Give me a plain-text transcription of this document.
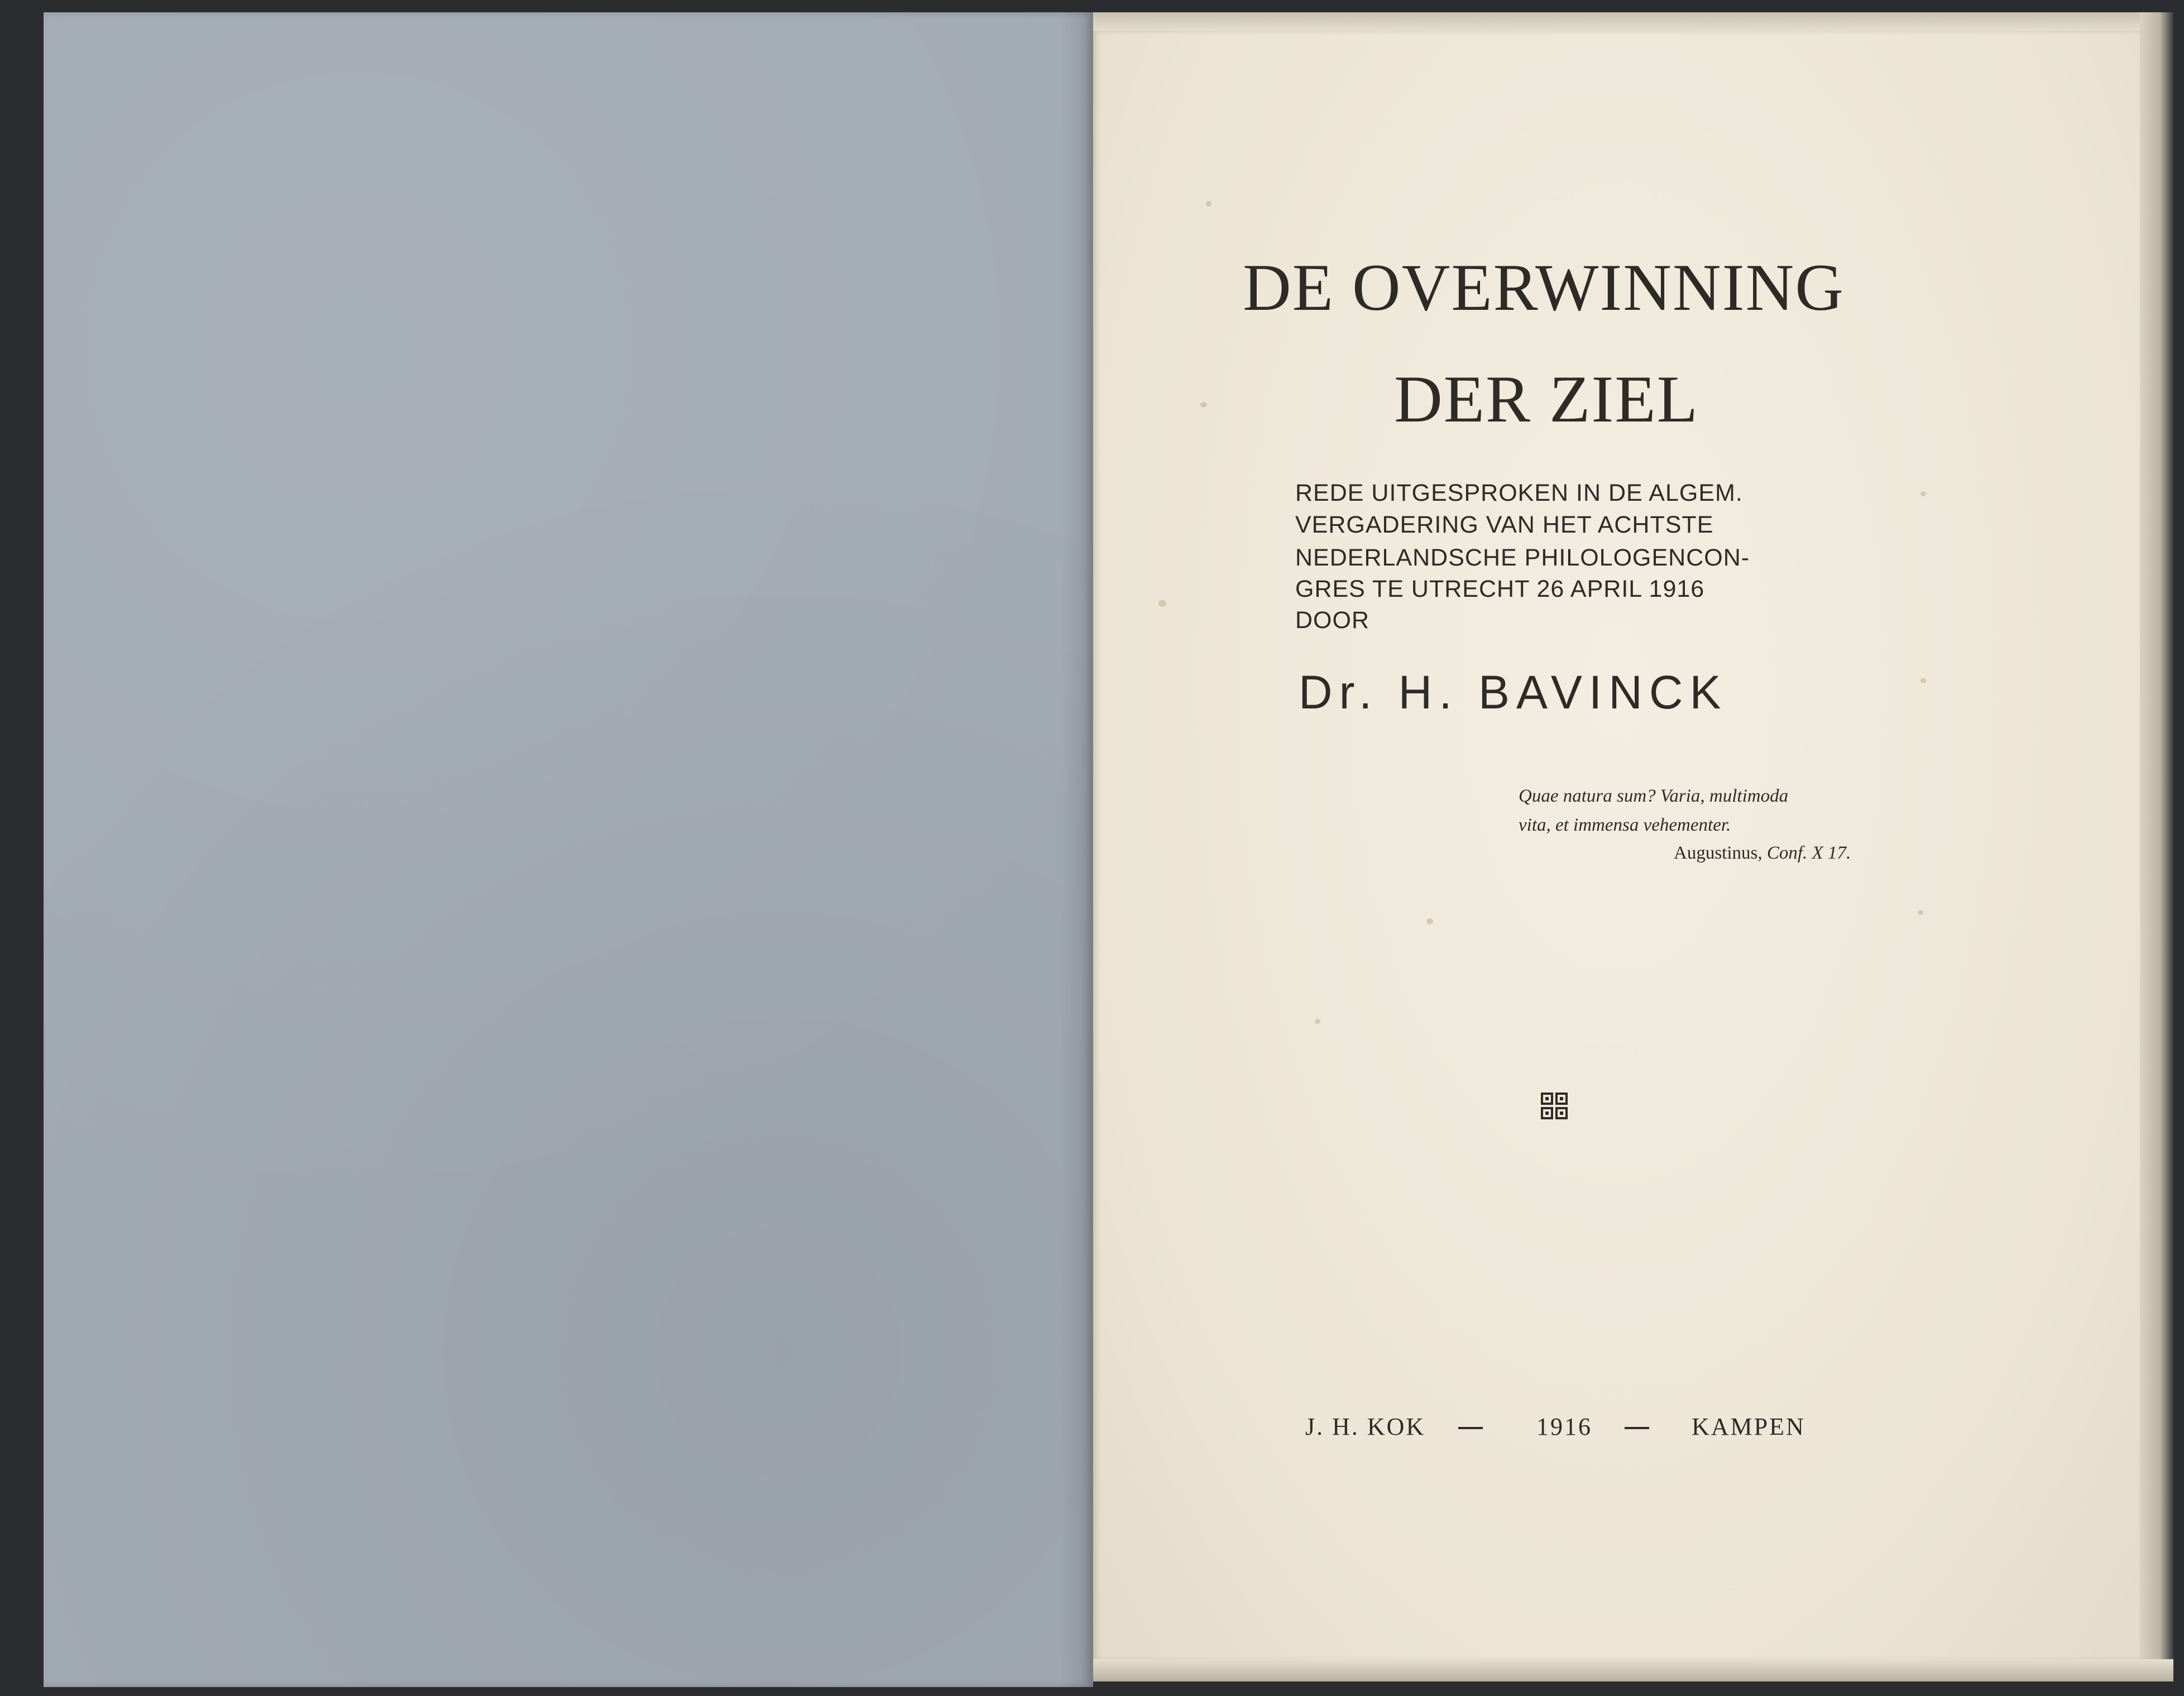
DE OVERWINNING
DER ZIEL
REDE UITGESPROKEN IN DE ALGEM.
VERGADERING VAN HET ACHTSTE
NEDERLANDSCHE PHILOLOGENCON-
GRES TE UTRECHT 26 APRIL 1916
DOOR
Dr. H. BAVINCK
Quae natura sum? Varia, multimoda
vita, et immensa vehementer.
Augustinus, Conf. X 17.
J. H. KOK	1916	KAMPEN
